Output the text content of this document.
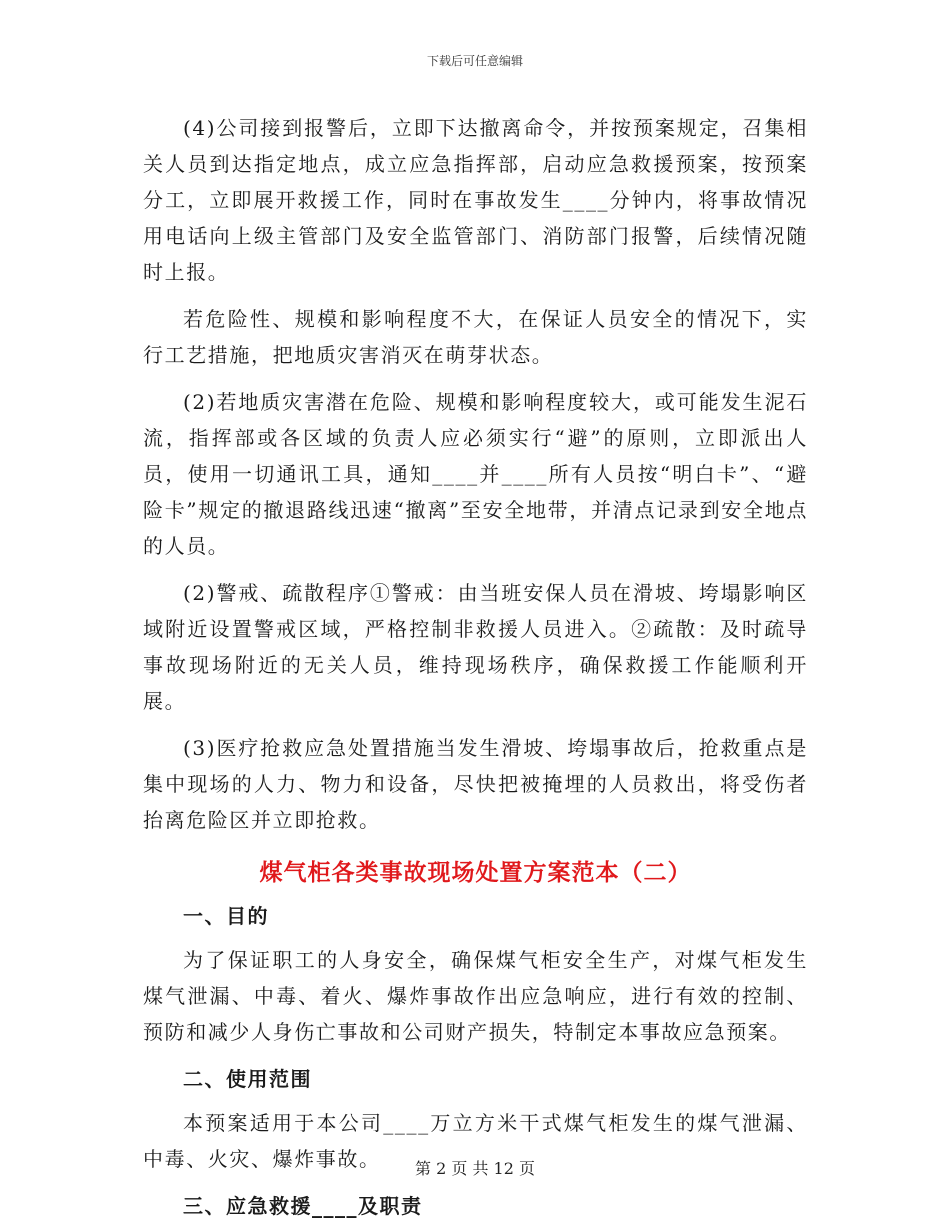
下载后可任意编辑

(4)公司接到报警后，立即下达撤离命令，并按预案规定，召集相关人员到达指定地点，成立应急指挥部，启动应急救援预案，按预案分工，立即展开救援工作，同时在事故发生____分钟内，将事故情况用电话向上级主管部门及安全监管部门、消防部门报警，后续情况随时上报。

若危险性、规模和影响程度不大，在保证人员安全的情况下，实行工艺措施，把地质灾害消灭在萌芽状态。

(2)若地质灾害潜在危险、规模和影响程度较大，或可能发生泥石流，指挥部或各区域的负责人应必须实行“避”的原则，立即派出人员，使用一切通讯工具，通知____并____所有人员按“明白卡”、“避险卡”规定的撤退路线迅速“撤离”至安全地带，并清点记录到安全地点的人员。

(2)警戒、疏散程序①警戒：由当班安保人员在滑坡、垮塌影响区域附近设置警戒区域，严格控制非救援人员进入。②疏散：及时疏导事故现场附近的无关人员，维持现场秩序，确保救援工作能顺利开展。

(3)医疗抢救应急处置措施当发生滑坡、垮塌事故后，抢救重点是集中现场的人力、物力和设备，尽快把被掩埋的人员救出，将受伤者抬离危险区并立即抢救。

煤气柜各类事故现场处置方案范本（二）
一、目的

为了保证职工的人身安全，确保煤气柜安全生产，对煤气柜发生煤气泄漏、中毒、着火、爆炸事故作出应急响应，进行有效的控制、预防和减少人身伤亡事故和公司财产损失，特制定本事故应急预案。

二、使用范围

本预案适用于本公司____万立方米干式煤气柜发生的煤气泄漏、中毒、火灾、爆炸事故。

三、应急救援____及职责
第 2 页 共 12 页
